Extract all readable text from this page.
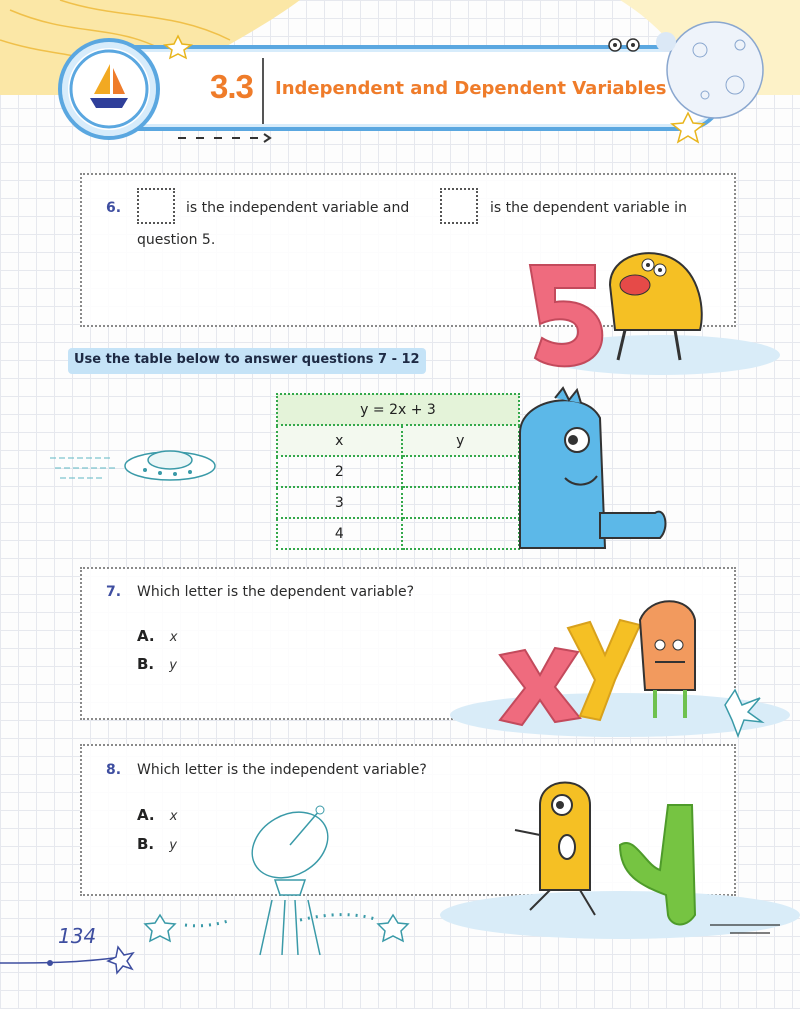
3.3 Independent and Dependent Variables
6.	is the independent variable and	is the dependent variable in
question 5.
Use the table below to answer questions 7 - 12
y = 2x + 3	
x	y
2	
3	
4	
7. Which letter is the dependent variable?
A. x
B. y
8. Which letter is the independent variable?
A. x
B. y
134
